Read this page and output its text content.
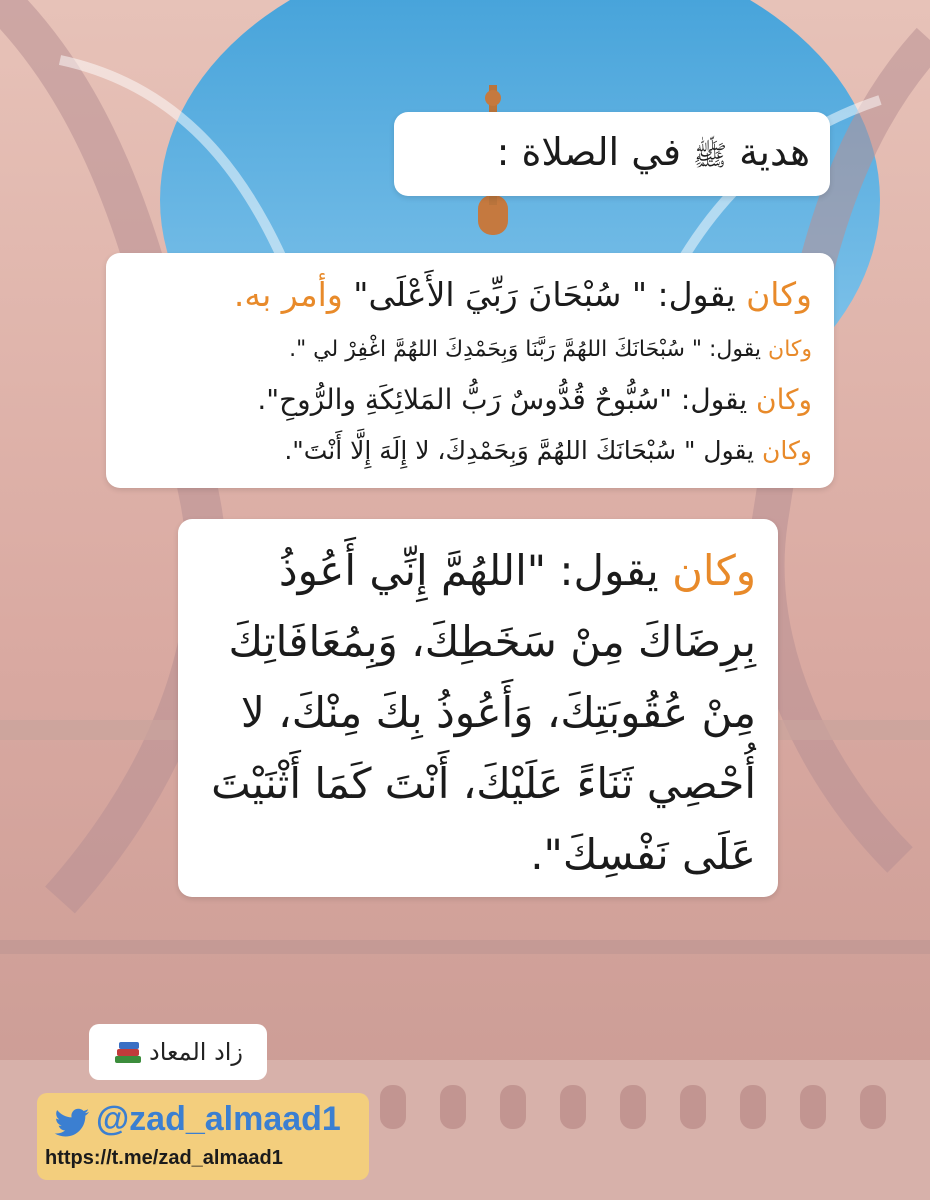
هدية ﷺ في الصلاة :
وكان يقول: " سُبْحَانَ رَبِّيَ الأَعْلَى" وأمر به.
وكان يقول: " سُبْحَانَكَ اللهُمَّ رَبَّنَا وَبِحَمْدِكَ اللهُمَّ اغْفِرْ لي ".
وكان يقول: "سُبُّوحٌ قُدُّوسٌ رَبُّ المَلائِكَةِ والرُّوحِ".
وكان يقول " سُبْحَانَكَ اللهُمَّ وَبِحَمْدِكَ، لا إِلَهَ إِلَّا أَنْتَ".
وكان يقول: "اللهُمَّ إِنِّي أَعُوذُ بِرِضَاكَ مِنْ سَخَطِكَ، وَبِمُعَافَاتِكَ مِنْ عُقُوبَتِكَ، وَأَعُوذُ بِكَ مِنْكَ، لا أُحْصِي ثَنَاءً عَلَيْكَ، أَنْتَ كَمَا أَثْنَيْتَ عَلَى نَفْسِكَ".
زاد المعاد
@zad_almaad1
https://t.me/zad_almaad1
